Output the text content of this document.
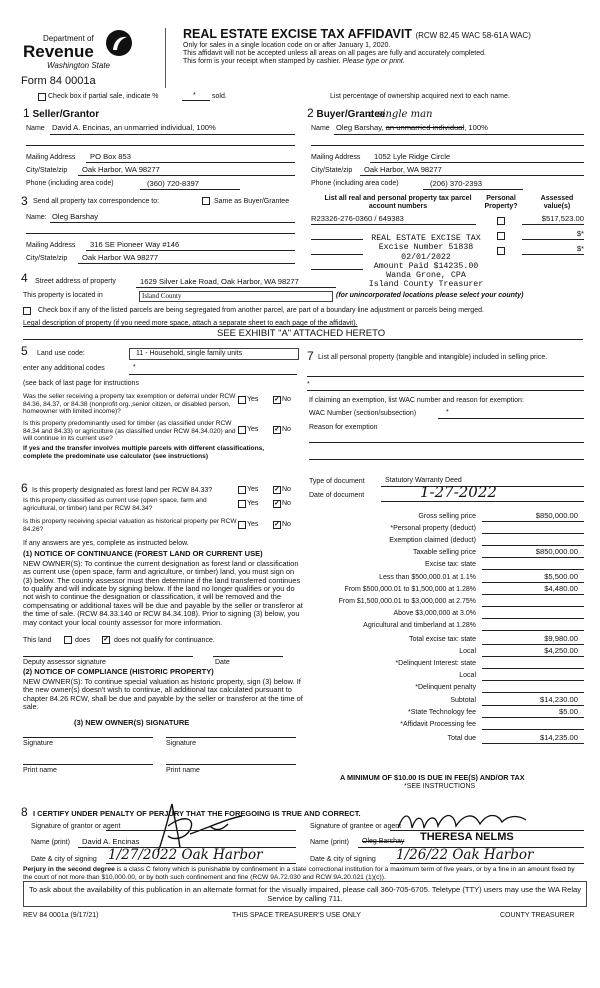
Department of
Revenue
Washington State
Form 84 0001a
REAL ESTATE EXCISE TAX AFFIDAVIT (RCW 82.45 WAC 58-61A WAC)
Only for sales in a single location code on or after January 1, 2020.
This affidavit will not be accepted unless all areas on all pages are fully and accurately completed.
This form is your receipt when stamped by cashier. Please type or print.
Check box if partial sale, indicate %	* sold.	List percentage of ownership acquired next to each name.
1 Seller/Grantor	2 Buyer/Grantee
a single man
Name David A. Encinas, an unmarried individual, 100%	Name Oleg Barshay, an unmarried individual, 100%
Mailing Address PO Box 853
City/State/zip Oak Harbor, WA 98277
Phone (including area code)	(360) 720-8397
Mailing Address 1052 Lyle Ridge Circle
City/State/zip Oak Harbor, WA 98277
Phone (including area code)	(206) 370-2393
3 Send all property tax correspondence to:	Same as Buyer/Grantee
Name: Oleg Barshay
Mailing Address 316 SE Pioneer Way #146
City/State/zip Oak Harbor WA 98277
List all real and personal property tax parcel account numbers
Personal Property?
Assessed value(s)
R23326-276-0360 / 649383	$517,523.00
$*
$*
REAL ESTATE EXCISE TAX
Excise Number 51838
02/01/2022
Amount Paid $14235.00
Wanda Grone, CPA
Island County Treasurer
4 Street address of property	1629 Silver Lake Road, Oak Harbor, WA 98277
This property is located in	Island County	(for unincorporated locations please select your county)
Check box if any of the listed parcels are being segregated from another parcel, are part of a boundary line adjustment or parcels being merged.
Legal description of property (if you need more space, attach a separate sheet to each page of the affidavit).
SEE EXHIBIT "A" ATTACHED HERETO
5 Land use code:	11 - Household, single family units
enter any additional codes	*
(see back of last page for instructions
Was the seller receiving a property tax exemption or deferral under RCW 84.36, 84.37, or 84.38 (nonprofit org.,senior citizen, or disabled person, homeowner with limited income)?
Yes ✓ No
Is this property predominantly used for timber (as classified under RCW 84.34 and 84.33) or agriculture (as classified under RCW 84.34.020) and will continue in its current use?
If yes and the transfer involves multiple parcels with different classifications, complete the predominate use calculator (see instructions)
Yes ✓ No
7 List all personal property (tangible and intangible) included in selling price.
*
If claiming an exemption, list WAC number and reason for exemption:
WAC Number (section/subsection)	*
Reason for exemption
6 Is this property designated as forest land per RCW 84.33?	Yes ✓ No
Is this property classified as current use (open space, farm and agricultural, or timber) land per RCW 84.34?
Yes ✓ No
Is this property receiving special valuation as historical property per RCW 84.26?
Yes ✓ No
If any answers are yes, complete as instructed below.
(1) NOTICE OF CONTINUANCE (FOREST LAND OR CURRENT USE)
NEW OWNER(S): To continue the current designation as forest land or classification as current use (open space, farm and agriculture, or timber) land, you must sign on (3) below. The county assessor must then determine if the land transferred continues to qualify and will indicate by signing below. If the land no longer qualifies or you do not wish to continue the designation or classification, it will be removed and the compensating or additional taxes will be due and payable by the seller or transferor at the time of sale. (RCW 84.33.140 or RCW 84.34.108). Prior to signing (3) below, you may contact your local county assessor for more information.
This land	does ✓ does not qualify for continuance.
Deputy assessor signature	Date
(2) NOTICE OF COMPLIANCE (HISTORIC PROPERTY)
NEW OWNER(S): To continue special valuation as historic property, sign (3) below. If the new owner(s) doesn't wish to continue, all additional tax calculated pursuant to chapter 84.26 RCW, shall be due and payable by the seller or transferor at the time of sale.
(3) NEW OWNER(S) SIGNATURE
Signature	Signature
Print name	Print name
Type of document	Statutory Warranty Deed
Date of document	1-27-2022
Gross selling price	$850,000.00
*Personal property (deduct)
Exemption claimed (deduct)
Taxable selling price	$850,000.00
Excise tax: state
Less than $500,000.01 at 1.1%	$5,500.00
From $500,000.01 to $1,500,000 at 1.28%	$4,480.00
From $1,500,000.01 to $3,000,000 at 2.75%
Above $3,000,000 at 3.0%
Agricultural and timberland at 1.28%
Total excise tax: state	$9,980.00
Local	$4,250.00
*Delinquent Interest: state
Local
*Delinquent penalty
Subtotal	$14,230.00
*State Technology fee	$5.00
*Affidavit Processing fee
Total due	$14,235.00
A MINIMUM OF $10.00 IS DUE IN FEE(S) AND/OR TAX
*SEE INSTRUCTIONS
8 I CERTIFY UNDER PENALTY OF PERJURY THAT THE FOREGOING IS TRUE AND CORRECT.
Signature of grantor or agent
Name (print) David A. Encinas
Date & city of signing 1/27/2022 Oak Harbor
Signature of grantee or agent
Name (print) Oleg Barshay THERESA NELMS
Date & city of signing 1/26/22 Oak Harbor
Perjury in the second degree is a class C felony which is punishable by confinement in a state correctional institution for a maximum term of five years, or by a fine in an amount fixed by the court of not more than $10,000.00, or by both such confinement and fine (RCW 9A.72.030 and RCW 9A.20.021 (1)(c)).
To ask about the availability of this publication in an alternate format for the visually impaired, please call 360-705-6705. Teletype (TTY) users may use the WA Relay Service by calling 711.
REV 84 0001a (9/17/21)	THIS SPACE TREASURER'S USE ONLY	COUNTY TREASURER
